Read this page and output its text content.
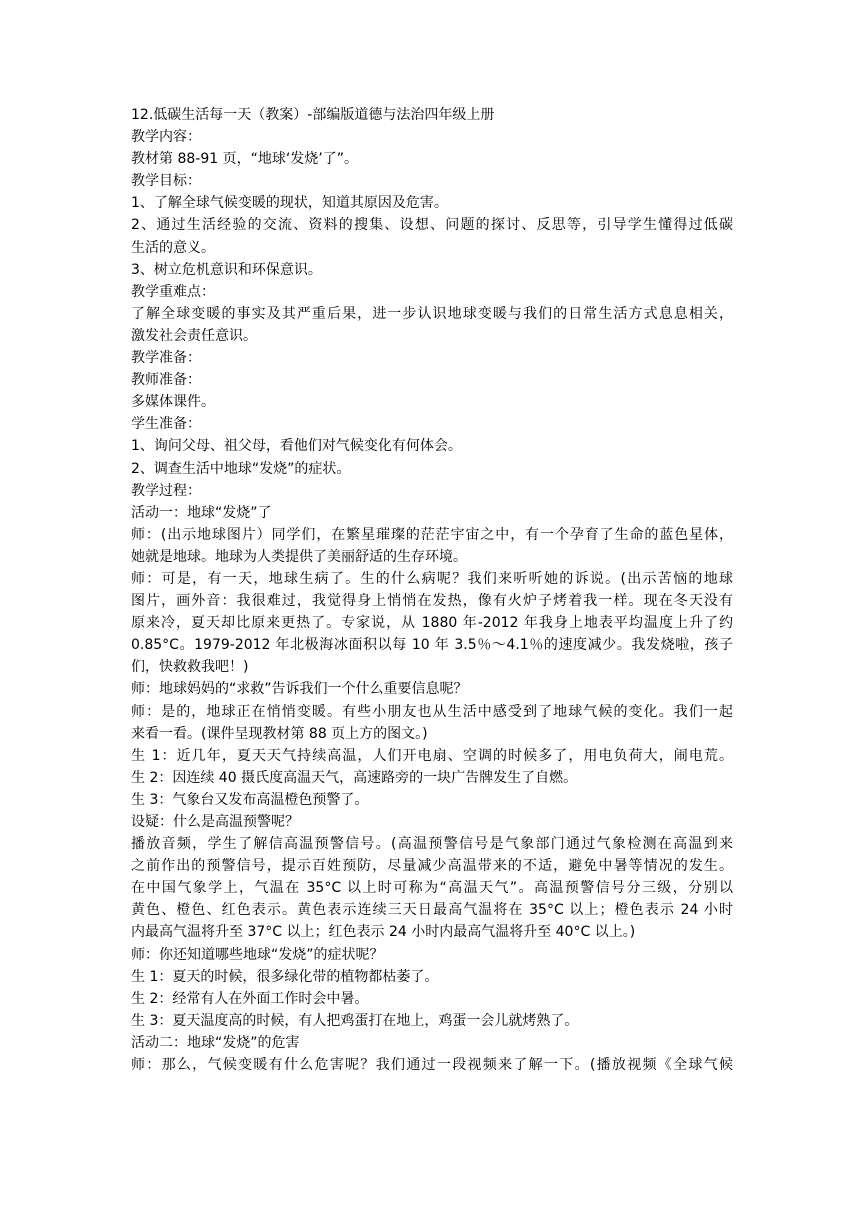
12.低碳生活每一天（教案）-部编版道德与法治四年级上册
教学内容：
教材第 88-91 页，“地球‘发烧’了”。
教学目标：
1、了解全球气候变暖的现状，知道其原因及危害。
2、通过生活经验的交流、资料的搜集、设想、问题的探讨、反思等，引导学生懂得过低碳
生活的意义。
3、树立危机意识和环保意识。
教学重难点：
了解全球变暖的事实及其严重后果，进一步认识地球变暖与我们的日常生活方式息息相关，
激发社会责任意识。
教学准备：
教师准备：
多媒体课件。
学生准备：
1、询问父母、祖父母，看他们对气候变化有何体会。
2、调查生活中地球“发烧”的症状。
教学过程：
活动一：地球“发烧”了
师：(出示地球图片）同学们，在繁星璀璨的茫茫宇宙之中，有一个孕育了生命的蓝色星体，
她就是地球。地球为人类提供了美丽舒适的生存环境。
师：可是，有一天，地球生病了。生的什么病呢？我们来听听她的诉说。(出示苦恼的地球
图片，画外音：我很难过，我觉得身上悄悄在发热，像有火炉子烤着我一样。现在冬天没有
原来冷，夏天却比原来更热了。专家说，从 1880 年-2012 年我身上地表平均温度上升了约
0.85°C。1979-2012 年北极海冰面积以每 10 年 3.5％～4.1％的速度减少。我发烧啦，孩子
们，快救救我吧！)
师：地球妈妈的“求救”告诉我们一个什么重要信息呢？
师：是的，地球正在悄悄变暖。有些小朋友也从生活中感受到了地球气候的变化。我们一起
来看一看。(课件呈现教材第 88 页上方的图文。)
生 1：近几年，夏天天气持续高温，人们开电扇、空调的时候多了，用电负荷大，闹电荒。
生 2：因连续 40 摄氏度高温天气，高速路旁的一块广告牌发生了自燃。
生 3：气象台又发布高温橙色预警了。
设疑：什么是高温预警呢？
播放音频，学生了解信高温预警信号。(高温预警信号是气象部门通过气象检测在高温到来
之前作出的预警信号，提示百姓预防，尽量减少高温带来的不适，避免中暑等情况的发生。
在中国气象学上，气温在 35°C 以上时可称为“高温天气”。高温预警信号分三级，分别以
黄色、橙色、红色表示。黄色表示连续三天日最高气温将在 35°C 以上；橙色表示 24 小时
内最高气温将升至 37°C 以上；红色表示 24 小时内最高气温将升至 40°C 以上。)
师：你还知道哪些地球“发烧”的症状呢？
生 1：夏天的时候，很多绿化带的植物都枯萎了。
生 2：经常有人在外面工作时会中暑。
生 3：夏天温度高的时候，有人把鸡蛋打在地上，鸡蛋一会儿就烤熟了。
活动二：地球“发烧”的危害
师：那么，气候变暖有什么危害呢？我们通过一段视频来了解一下。(播放视频《全球气候
